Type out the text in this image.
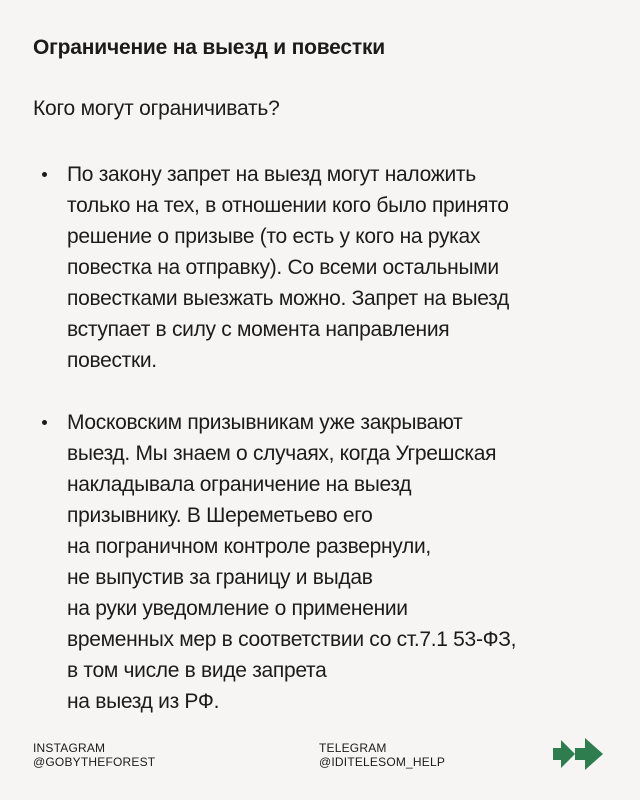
Ограничение на выезд и повестки
Кого могут ограничивать?
По закону запрет на выезд могут наложить
только на тех, в отношении кого было принято
решение о призыве (то есть у кого на руках
повестка на отправку). Со всеми остальными
повестками выезжать можно. Запрет на выезд
вступает в силу с момента направления
повестки.
Московским призывникам уже закрывают
выезд. Мы знаем о случаях, когда Угрешская
накладывала ограничение на выезд
призывнику. В Шереметьево его
на пограничном контроле развернули,
не выпустив за границу и выдав
на руки уведомление о применении
временных мер в соответствии со ст.7.1 53-ФЗ,
в том числе в виде запрета
на выезд из РФ.
INSTAGRAM
@GOBYTHEFOREST
TELEGRAM
@IDITELESOM_HELP
